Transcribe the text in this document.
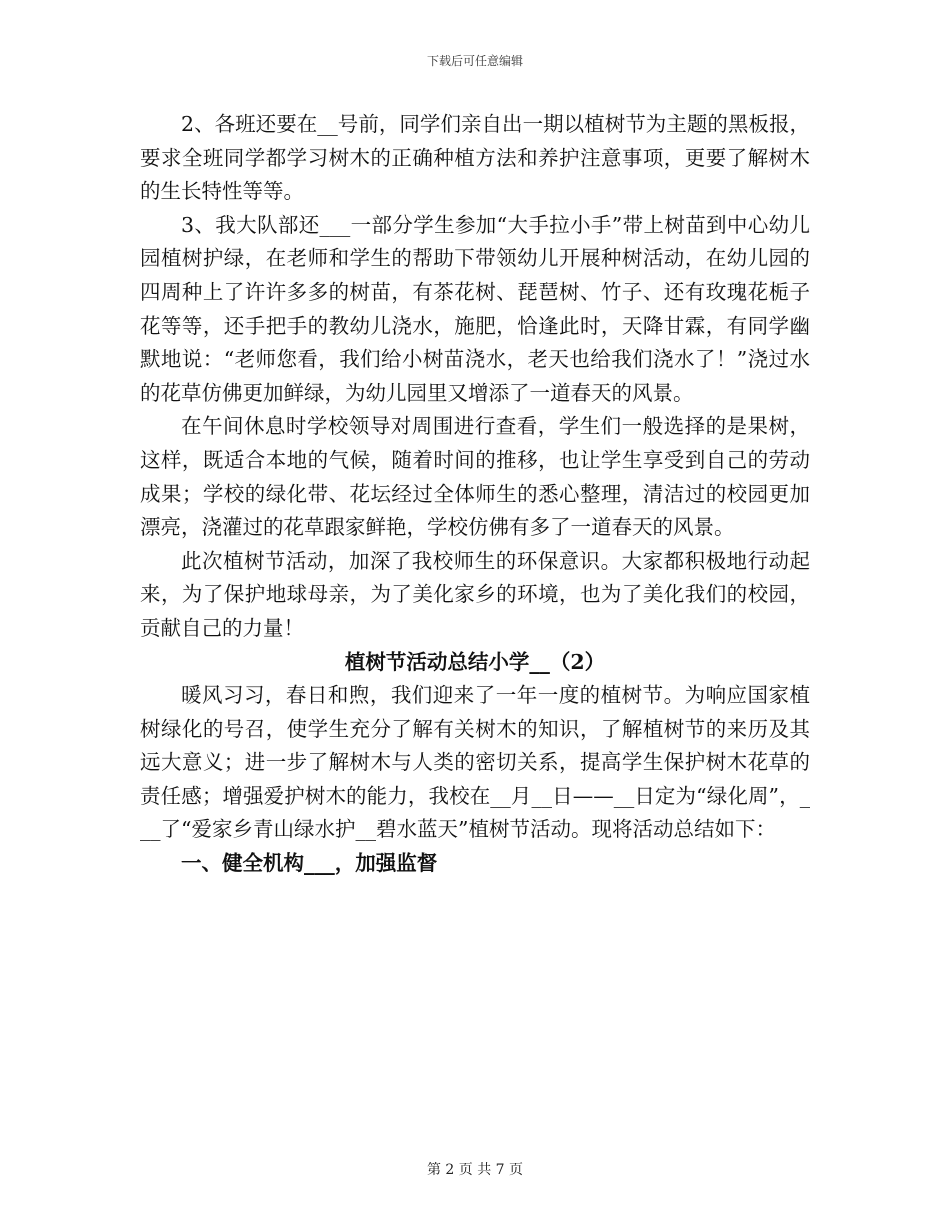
下载后可任意编辑

2、各班还要在__号前，同学们亲自出一期以植树节为主题的黑板报，要求全班同学都学习树木的正确种植方法和养护注意事项，更要了解树木的生长特性等等。

3、我大队部还___一部分学生参加“大手拉小手”带上树苗到中心幼儿园植树护绿，在老师和学生的帮助下带领幼儿开展种树活动，在幼儿园的四周种上了许许多多的树苗，有茶花树、琵琶树、竹子、还有玫瑰花栀子花等等，还手把手的教幼儿浇水，施肥，恰逢此时，天降甘霖，有同学幽默地说：“老师您看，我们给小树苗浇水，老天也给我们浇水了！”浇过水的花草仿佛更加鲜绿，为幼儿园里又增添了一道春天的风景。

在午间休息时学校领导对周围进行查看，学生们一般选择的是果树，这样，既适合本地的气候，随着时间的推移，也让学生享受到自己的劳动成果；学校的绿化带、花坛经过全体师生的悉心整理，清洁过的校园更加漂亮，浇灌过的花草跟家鲜艳，学校仿佛有多了一道春天的风景。

此次植树节活动，加深了我校师生的环保意识。大家都积极地行动起来，为了保护地球母亲，为了美化家乡的环境，也为了美化我们的校园，贡献自己的力量！

植树节活动总结小学__（2）

暖风习习，春日和煦，我们迎来了一年一度的植树节。为响应国家植树绿化的号召，使学生充分了解有关树木的知识，了解植树节的来历及其远大意义；进一步了解树木与人类的密切关系，提高学生保护树木花草的责任感；增强爱护树木的能力，我校在__月__日——__日定为“绿化周”，___了“爱家乡青山绿水护__碧水蓝天”植树节活动。现将活动总结如下：

一、健全机构___，加强监督

第 2 页 共 7 页
